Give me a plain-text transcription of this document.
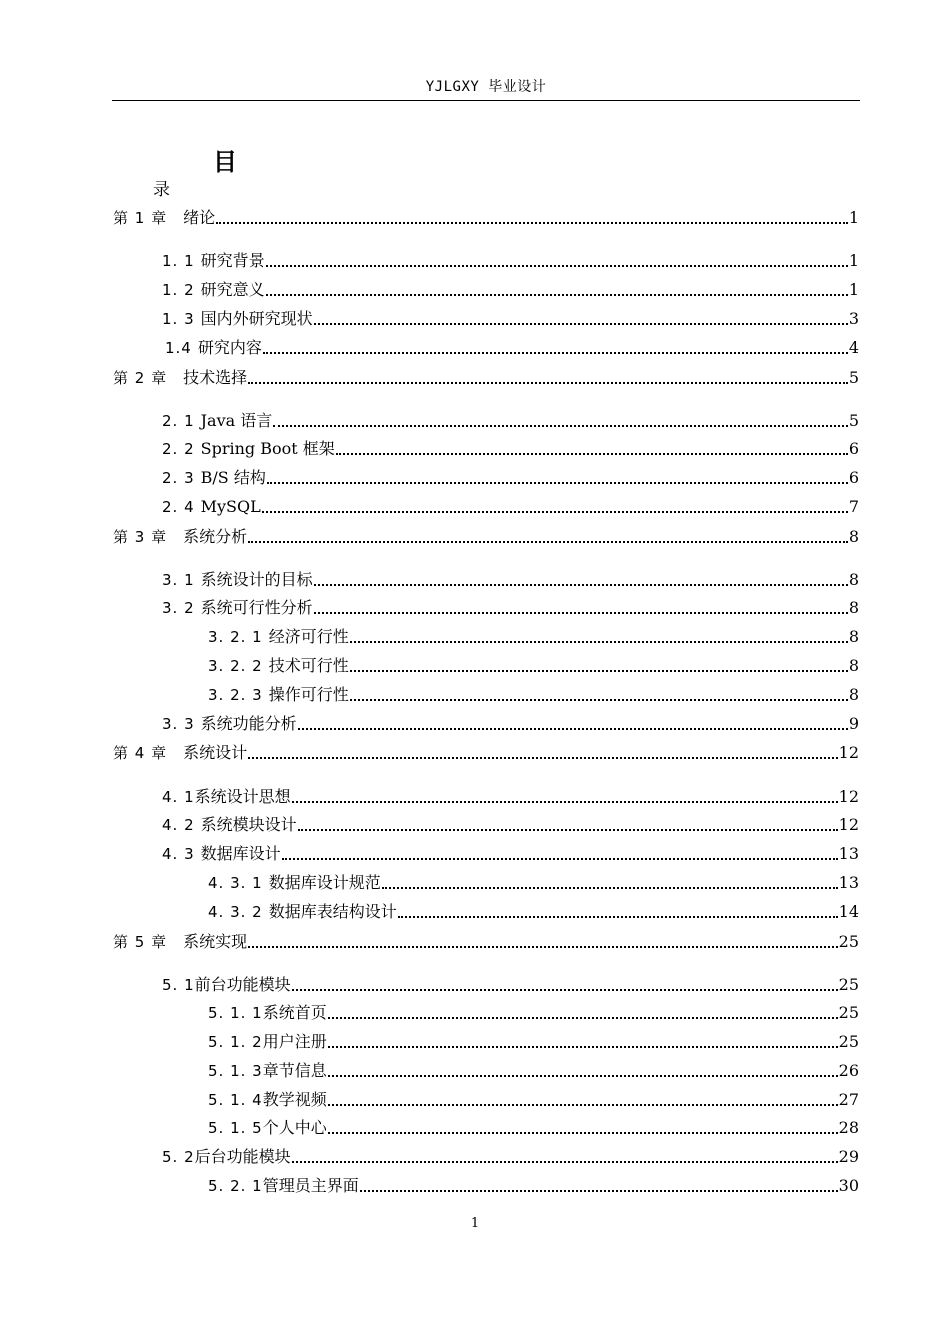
YJLGXY 毕业设计
目
录
第 1 章 绪论	1
1. 1 研究背景	1
1. 2 研究意义	1
1. 3 国内外研究现状	3
1.4 研究内容	4
第 2 章 技术选择	5
2. 1 Java 语言	5
2. 2 Spring Boot 框架	6
2. 3 B/S 结构	6
2. 4 MySQL	7
第 3 章 系统分析	8
3. 1 系统设计的目标	8
3. 2 系统可行性分析	8
3. 2. 1 经济可行性	8
3. 2. 2 技术可行性	8
3. 2. 3 操作可行性	8
3. 3 系统功能分析	9
第 4 章 系统设计	12
4. 1 系统设计思想	12
4. 2 系统模块设计	12
4. 3 数据库设计	13
4. 3. 1 数据库设计规范	13
4. 3. 2 数据库表结构设计	14
第 5 章 系统实现	25
5. 1 前台功能模块	25
5. 1. 1 系统首页	25
5. 1. 2 用户注册	25
5. 1. 3 章节信息	26
5. 1. 4 教学视频	27
5. 1. 5 个人中心	28
5. 2 后台功能模块	29
5. 2. 1 管理员主界面	30
1
